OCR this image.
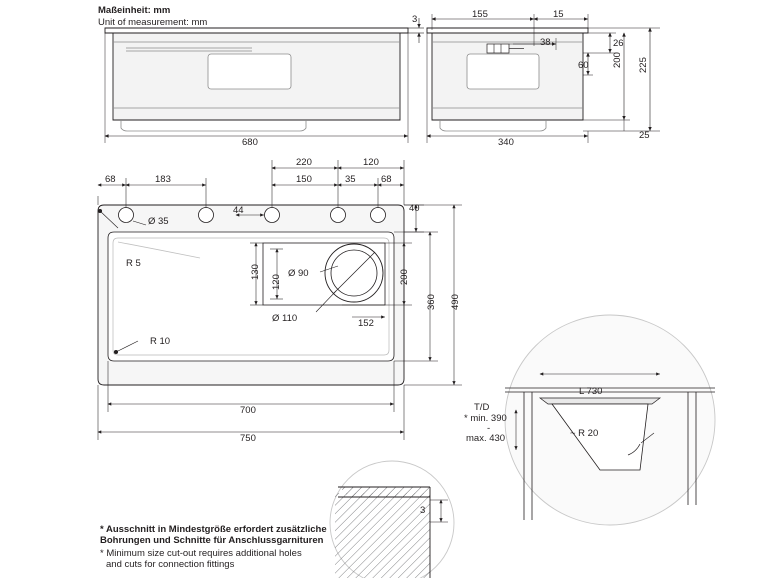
Maßeinheit: mm
Unit of measurement: mm	3
680
155	15
38	26
60 200 225
340
25
68	183
220	120
150	35	68
44	40
Ø 35
R 5
R 10
130
120
Ø 90
Ø 110	152
200
360 490
700
750
L 730
T/D
* min. 390
-
max. 430	~ R 20
3
* Ausschnitt in Mindestgröße erfordert zusätzliche
Bohrungen und Schnitte für Anschlussgarnituren
* Minimum size cut-out requires additional holes
and cuts for connection fittings
